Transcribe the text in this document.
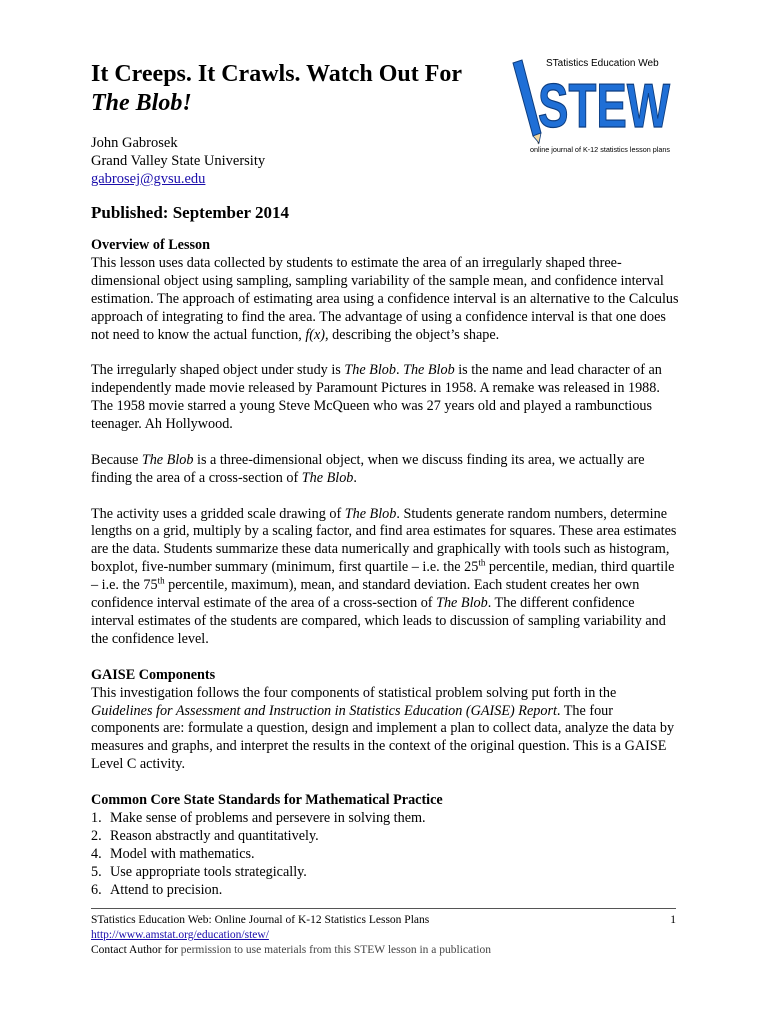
It Creeps. It Crawls. Watch Out For
The Blob!
STatistics Education Web
STEW
online journal of K-12 statistics lesson plans
John Gabrosek
Grand Valley State University
gabrosej@gvsu.edu
Published: September 2014
Overview of Lesson

This lesson uses data collected by students to estimate the area of an irregularly shaped three-dimensional object using sampling, sampling variability of the sample mean, and confidence interval estimation. The approach of estimating area using a confidence interval is an alternative to the Calculus approach of integrating to find the area. The advantage of using a confidence interval is that one does not need to know the actual function, f(x), describing the object’s shape.

The irregularly shaped object under study is The Blob. The Blob is the name and lead character of an independently made movie released by Paramount Pictures in 1958. A remake was released in 1988. The 1958 movie starred a young Steve McQueen who was 27 years old and played a rambunctious teenager. Ah Hollywood.

Because The Blob is a three-dimensional object, when we discuss finding its area, we actually are finding the area of a cross-section of The Blob.

The activity uses a gridded scale drawing of The Blob. Students generate random numbers, determine lengths on a grid, multiply by a scaling factor, and find area estimates for squares. These area estimates are the data. Students summarize these data numerically and graphically with tools such as histogram, boxplot, five-number summary (minimum, first quartile – i.e. the 25th percentile, median, third quartile – i.e. the 75th percentile, maximum), mean, and standard deviation. Each student creates her own confidence interval estimate of the area of a cross-section of The Blob. The different confidence interval estimates of the students are compared, which leads to discussion of sampling variability and the confidence level.

GAISE Components

This investigation follows the four components of statistical problem solving put forth in the Guidelines for Assessment and Instruction in Statistics Education (GAISE) Report. The four components are: formulate a question, design and implement a plan to collect data, analyze the data by measures and graphs, and interpret the results in the context of the original question. This is a GAISE Level C activity.

Common Core State Standards for Mathematical Practice
1. Make sense of problems and persevere in solving them.
2. Reason abstractly and quantitatively.
4. Model with mathematics.
5. Use appropriate tools strategically.
6. Attend to precision.
STatistics Education Web: Online Journal of K-12 Statistics Lesson Plans	1
http://www.amstat.org/education/stew/
Contact Author for permission to use materials from this STEW lesson in a publication
